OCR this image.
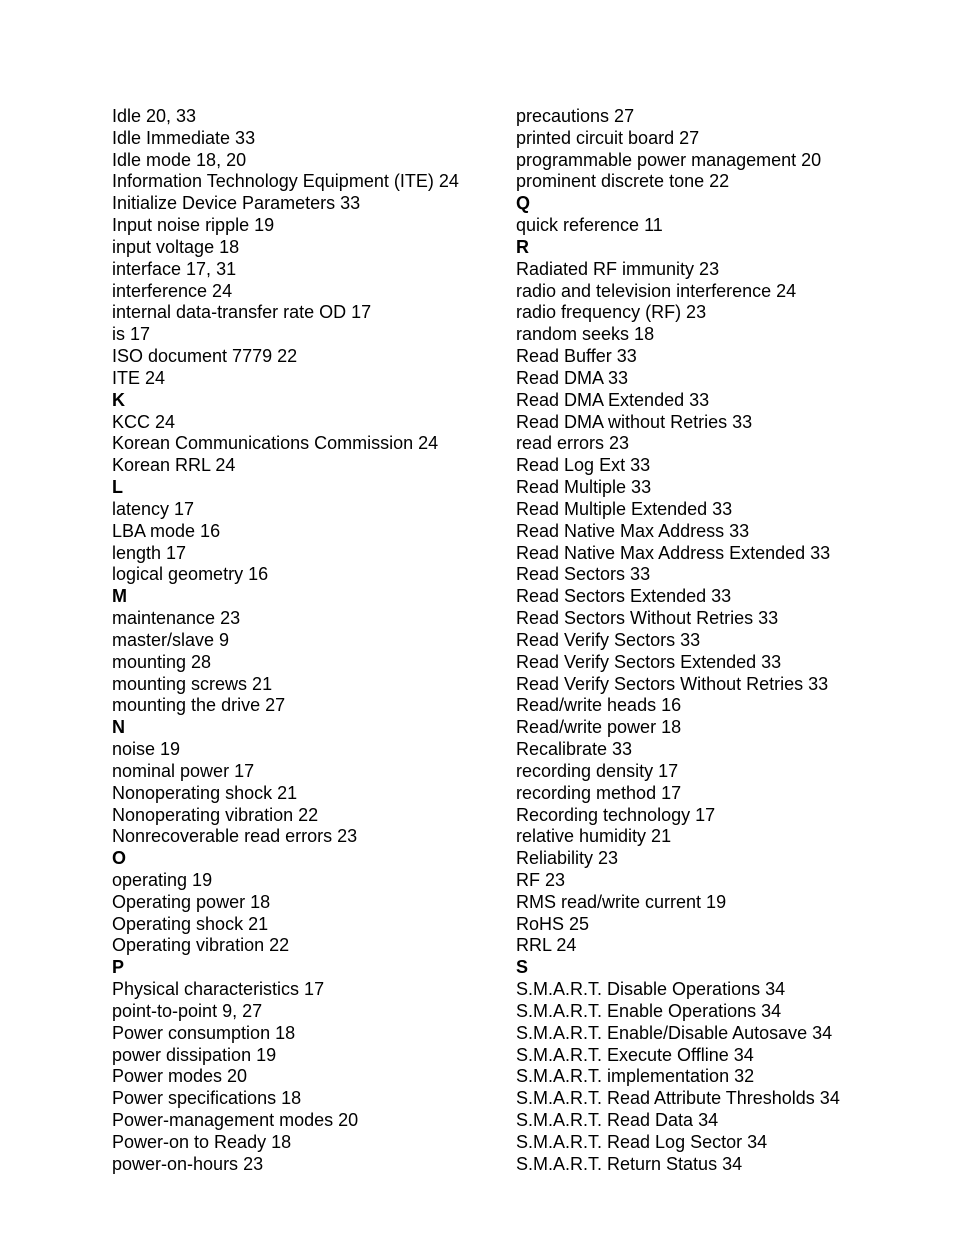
Idle 20, 33
Idle Immediate 33
Idle mode 18, 20
Information Technology Equipment (ITE) 24
Initialize Device Parameters 33
Input noise ripple 19
input voltage 18
interface 17, 31
interference 24
internal data-transfer rate OD 17
is 17
ISO document 7779 22
ITE 24
K
KCC 24
Korean Communications Commission 24
Korean RRL 24
L
latency 17
LBA mode 16
length 17
logical geometry 16
M
maintenance 23
master/slave 9
mounting 28
mounting screws 21
mounting the drive 27
N
noise 19
nominal power 17
Nonoperating shock 21
Nonoperating vibration 22
Nonrecoverable read errors 23
O
operating 19
Operating power 18
Operating shock 21
Operating vibration 22
P
Physical characteristics 17
point-to-point 9, 27
Power consumption 18
power dissipation 19
Power modes 20
Power specifications 18
Power-management modes 20
Power-on to Ready 18
power-on-hours 23
precautions 27
printed circuit board 27
programmable power management 20
prominent discrete tone 22
Q
quick reference 11
R
Radiated RF immunity 23
radio and television interference 24
radio frequency (RF) 23
random seeks 18
Read Buffer 33
Read DMA 33
Read DMA Extended 33
Read DMA without Retries 33
read errors 23
Read Log Ext 33
Read Multiple 33
Read Multiple Extended 33
Read Native Max Address 33
Read Native Max Address Extended 33
Read Sectors 33
Read Sectors Extended 33
Read Sectors Without Retries 33
Read Verify Sectors 33
Read Verify Sectors Extended 33
Read Verify Sectors Without Retries 33
Read/write heads 16
Read/write power 18
Recalibrate 33
recording density 17
recording method 17
Recording technology 17
relative humidity 21
Reliability 23
RF 23
RMS read/write current 19
RoHS 25
RRL 24
S
S.M.A.R.T. Disable Operations 34
S.M.A.R.T. Enable Operations 34
S.M.A.R.T. Enable/Disable Autosave 34
S.M.A.R.T. Execute Offline 34
S.M.A.R.T. implementation 32
S.M.A.R.T. Read Attribute Thresholds 34
S.M.A.R.T. Read Data 34
S.M.A.R.T. Read Log Sector 34
S.M.A.R.T. Return Status 34
